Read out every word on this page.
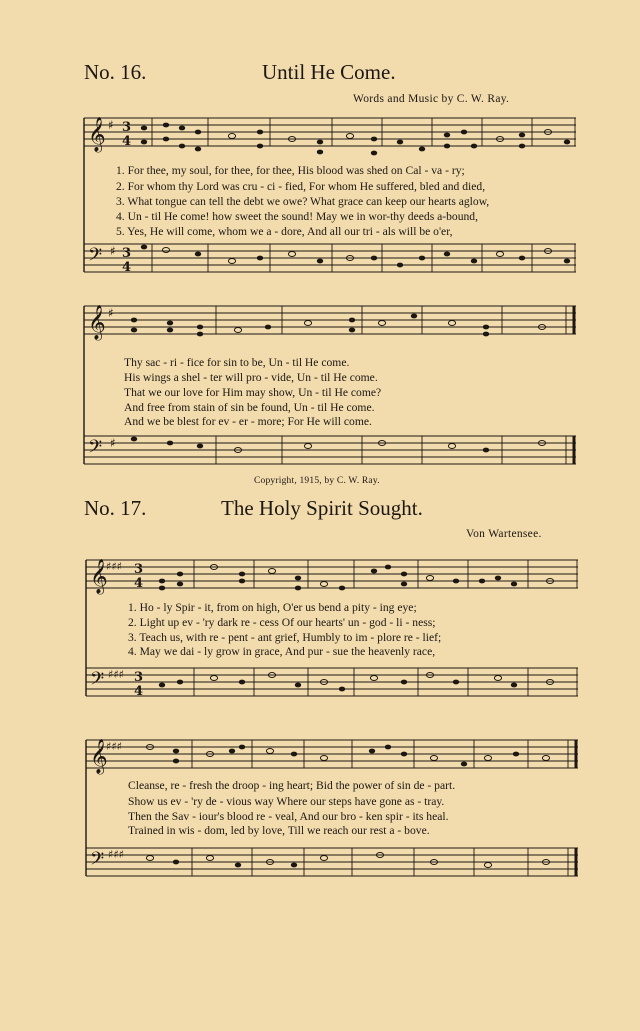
No. 16.	Until He Come.
Words and Music by C. W. Ray.
𝄞
𝄢
♯
♯
3
4
3
4
1. For thee, my soul, for thee, for thee, His blood was shed on Cal - va - ry;
2. For whom thy Lord was cru - ci - fied, For whom He suffered, bled and died,
3. What tongue can tell the debt we owe? What grace can keep our hearts aglow,
4. Un - til He come! how sweet the sound! May we in wor-thy deeds a-bound,
5. Yes, He will come, whom we a - dore, And all our tri - als will be o'er,
𝄞
𝄢
♯
♯
Thy sac - ri - fice for sin to be, Un - til He come.
His wings a shel - ter will pro - vide, Un - til He come.
That we our love for Him may show, Un - til He come?
And free from stain of sin be found, Un - til He come.
And we be blest for ev - er - more; For He will come.
Copyright, 1915, by C. W. Ray.
No. 17.	The Holy Spirit Sought.
Von Wartensee.
𝄞
𝄢
♯♯♯
♯♯♯
3
4
3
4
1. Ho - ly Spir - it, from on high, O'er us bend a pity - ing eye;
2. Light up ev - 'ry dark re - cess Of our hearts' un - god - li - ness;
3. Teach us, with re - pent - ant grief, Humbly to im - plore re - lief;
4. May we dai - ly grow in grace, And pur - sue the heavenly race,
𝄞
𝄢
♯♯♯
♯♯♯
Cleanse, re - fresh the droop - ing heart; Bid the power of sin de - part.
Show us ev - 'ry de - vious way Where our steps have gone as - tray.
Then the Sav - iour's blood re - veal, And our bro - ken spir - its heal.
Trained in wis - dom, led by love, Till we reach our rest a - bove.
